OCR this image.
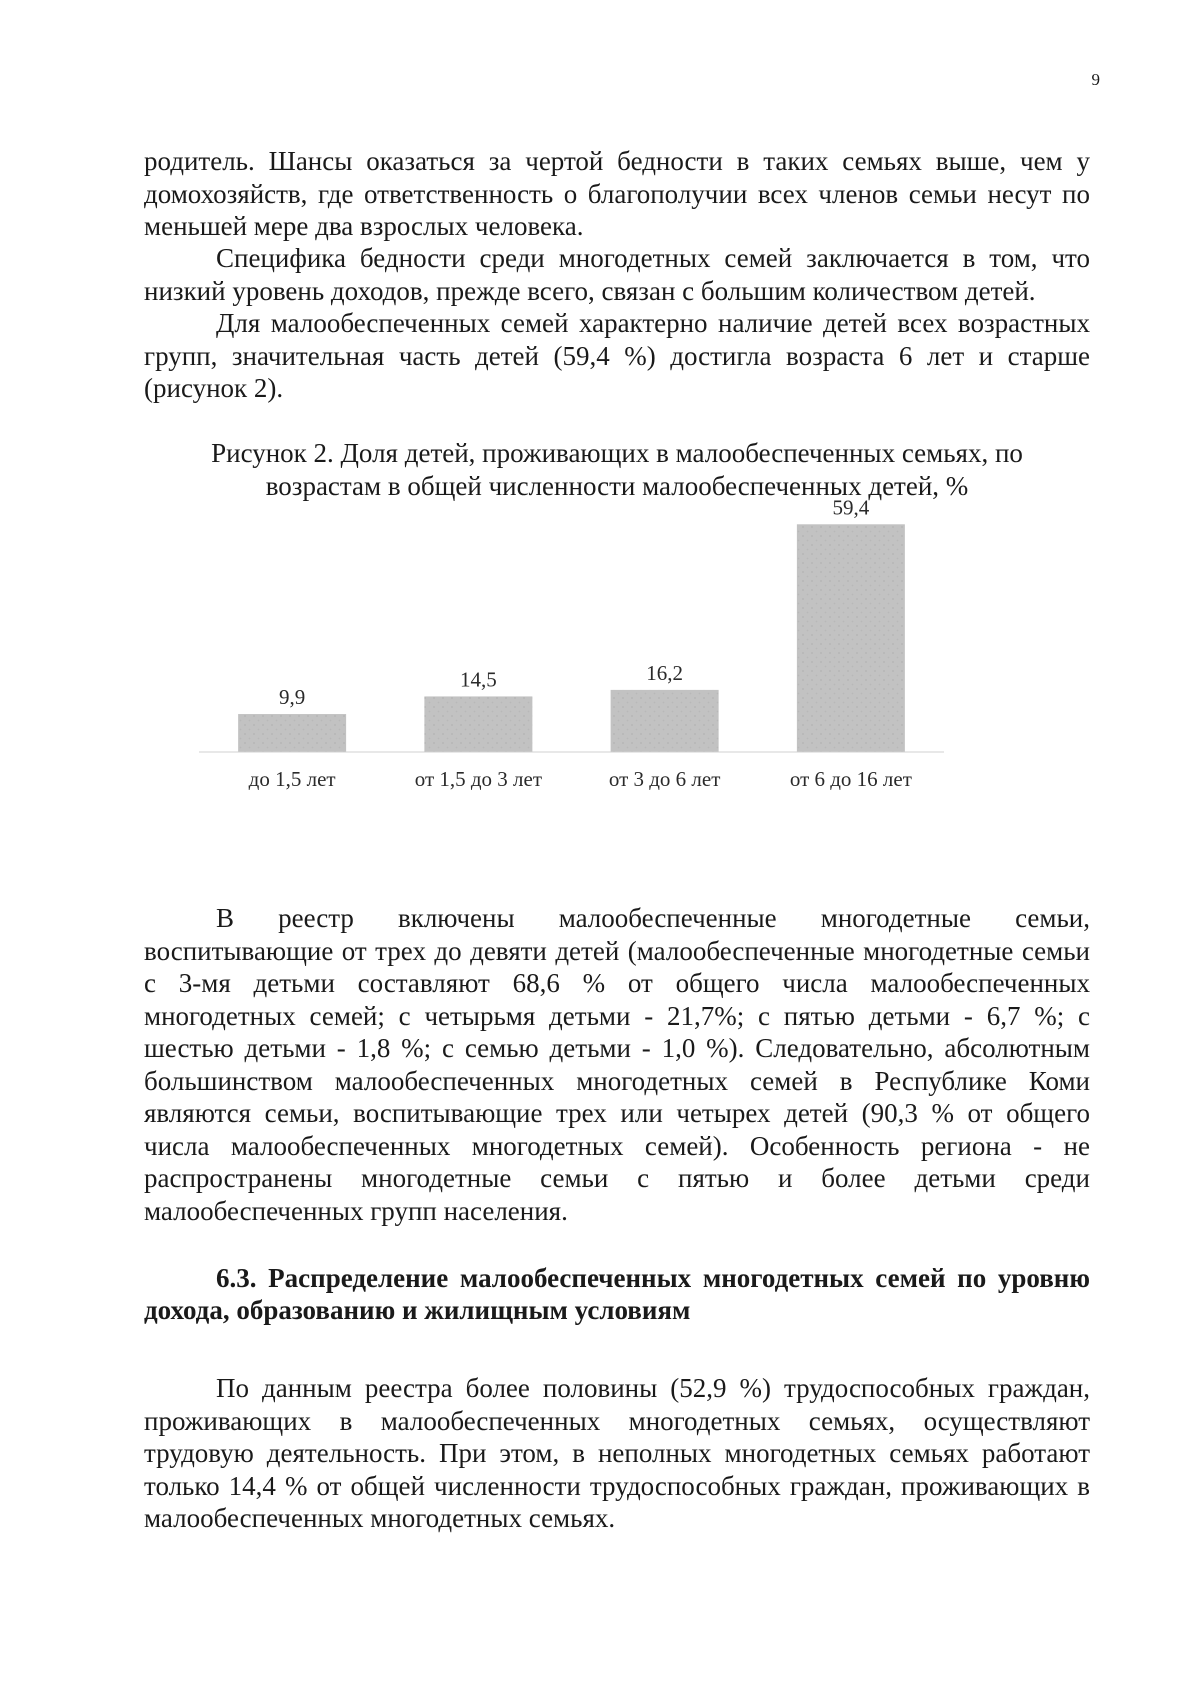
9

родитель. Шансы оказаться за чертой бедности в таких семьях выше, чем у домохозяйств, где ответственность о благополучии всех членов семьи несут по меньшей мере два взрослых человека.

Специфика бедности среди многодетных семей заключается в том, что низкий уровень доходов, прежде всего, связан с большим количеством детей.

Для малообеспеченных семей характерно наличие детей всех возрастных групп, значительная часть детей (59,4 %) достигла возраста 6 лет и старше (рисунок 2).

Рисунок 2. Доля детей, проживающих в малообеспеченных семьях, по
возрастам в общей численности малообеспеченных детей, %
9,9
до 1,5 лет
14,5
от 1,5 до 3 лет
16,2
от 3 до 6 лет
59,4
от 6 до 16 лет

В реестр включены малообеспеченные многодетные семьи, воспитывающие от трех до девяти детей (малообеспеченные многодетные семьи с 3-мя детьми составляют 68,6 % от общего числа малообеспеченных многодетных семей; с четырьмя детьми - 21,7%; с пятью детьми - 6,7 %; с шестью детьми - 1,8 %; с семью детьми - 1,0 %). Следовательно, абсолютным большинством малообеспеченных многодетных семей в Республике Коми являются семьи, воспитывающие трех или четырех детей (90,3 % от общего числа малообеспеченных многодетных семей). Особенность региона - не распространены многодетные семьи с пятью и более детьми среди малообеспеченных групп населения.

6.3. Распределение малообеспеченных многодетных семей по уровню дохода, образованию и жилищным условиям

По данным реестра более половины (52,9 %) трудоспособных граждан, проживающих в малообеспеченных многодетных семьях, осуществляют трудовую деятельность. При этом, в неполных многодетных семьях работают только 14,4 % от общей численности трудоспособных граждан, проживающих в малообеспеченных многодетных семьях.
